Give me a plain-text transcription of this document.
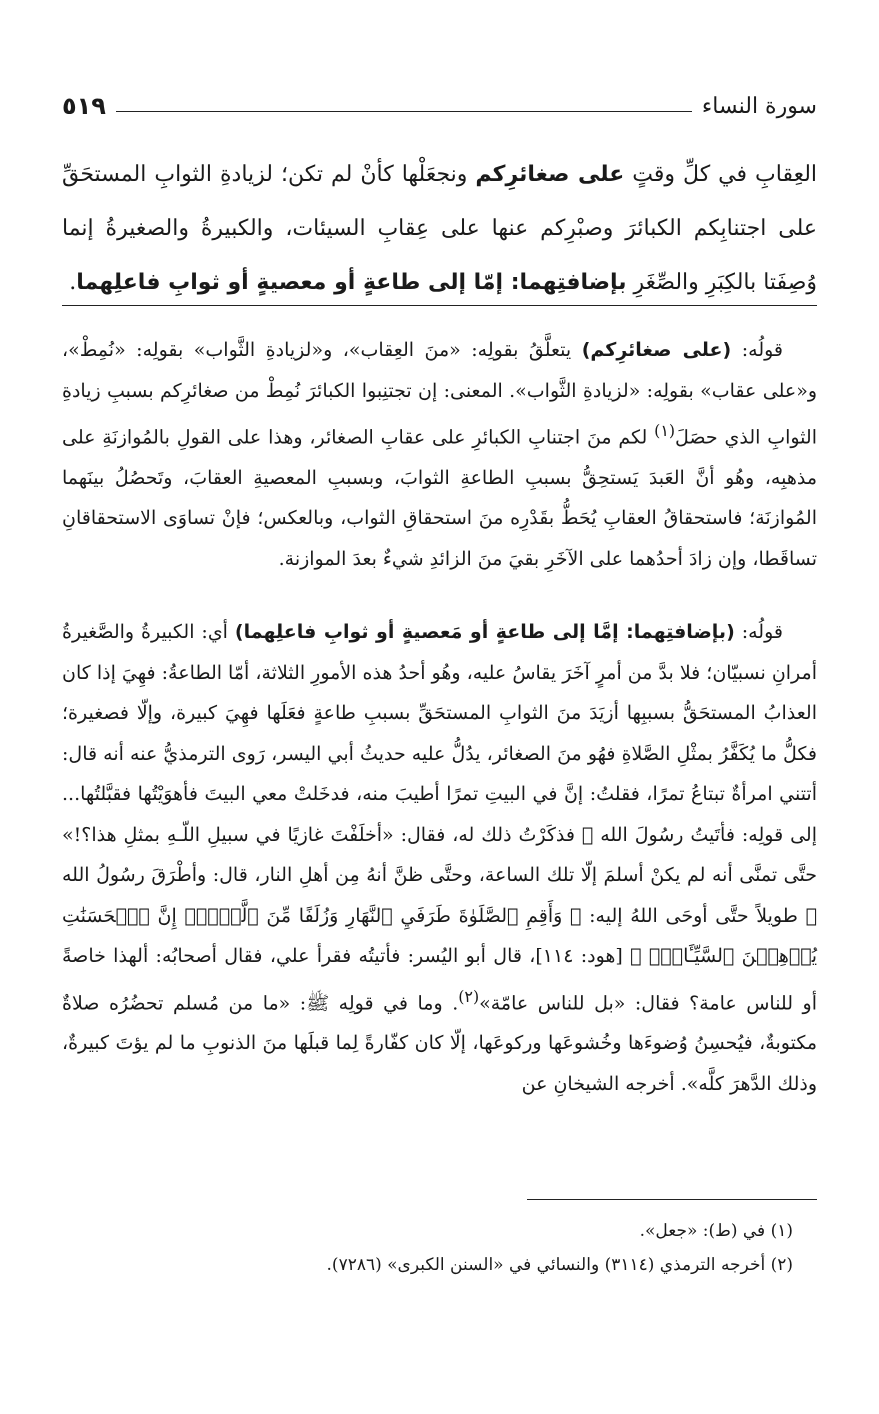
٥١٩	سورة النساء

العِقابِ في كلِّ وقتٍ على صغائرِكم ونجعَلْها كأنْ لم تكن؛ لزيادةِ الثوابِ المستحَقِّ على اجتنابِكم الكبائرَ وصبْرِكم عنها على عِقابِ السيئات، والكبيرةُ والصغيرةُ إنما وُصِفَتا بالكِبَرِ والصِّغَرِ بإضافتِهما: إمّا إلى طاعةٍ أو معصيةٍ أو ثوابِ فاعلِهما.

قولُه: (على صغائرِكم) يتعلَّقُ بقولِه: «منَ العِقاب»، و«لزيادةِ الثَّواب» بقولِه: «نُمِطْ»، و«على عقاب» بقولِه: «لزيادةِ الثَّواب». المعنى: إن تجتنِبوا الكبائرَ نُمِطْ من صغائرِكم بسببِ زيادةِ الثوابِ الذي حصَلَ$^{(١)}$ لكم منَ اجتنابِ الكبائرِ على عقابِ الصغائر، وهذا على القولِ بالمُوازنَةِ على مذهبِه، وهُو أنَّ العَبدَ يَستحِقُّ بسببِ الطاعةِ الثوابَ، وبسببِ المعصيةِ العقابَ، وتَحصُلُ بينَهما المُوازنَة؛ فاستحقاقُ العقابِ يُحَطُّ بقَدْرِه منَ استحقاقِ الثواب، وبالعكس؛ فإنْ تساوَى الاستحقاقانِ تساقَطا، وإن زادَ أحدُهما على الآخَرِ بقيَ منَ الزائدِ شيءٌ بعدَ الموازنة.

قولُه: (بإضافتِهما: إمَّا إلى طاعةٍ أو مَعصيةٍ أو ثوابِ فاعلِهما) أي: الكبيرةُ والصَّغيرةُ أمرانِ نسبيّان؛ فلا بدَّ من أمرٍ آخَرَ يقاسُ عليه، وهُو أحدُ هذه الأمورِ الثلاثة، أمّا الطاعةُ: فهِيَ إذا كان العذابُ المستحَقُّ بسببِها أزيَدَ منَ الثوابِ المستحَقِّ بسببِ طاعةٍ فعَلَها فهِيَ كبيرة، وإلّا فصغيرة؛ فكلُّ ما يُكَفَّرُ بمثْلِ الصَّلاةِ فهُو منَ الصغائر، يدُلُّ عليه حديثُ أبي اليسر، رَوى الترمذيُّ عنه أنه قال: أتتني امرأةٌ تبتاعُ تمرًا، فقلتُ: إنَّ في البيتِ تمرًا أطيبَ منه، فدخَلتْ معي البيتَ فأهوَيْتُها فقبَّلتُها... إلى قولِه: فأتَيتُ رسُولَ الله ﷺ فذكَرْتُ ذلك له، فقال: «أخلَفْتَ غازيًا في سبيلِ اللّـهِ بمثلِ هذا؟!» حتَّى تمنَّى أنه لم يكنْ أسلمَ إلّا تلك الساعة، وحتَّى ظنَّ أنهُ مِن أهلِ النار، قال: وأطْرَقَ رسُولُ الله ﷺ طويلاً حتَّى أوحَى اللهُ إليه: ﴿ وَأَقِمِ ٱلصَّلَوٰةَ طَرَفَيِ ٱلنَّهَارِ وَزُلَفًا مِّنَ ٱلَّيۡلِۚ إِنَّ ٱلۡحَسَنَٰتِ يُذۡهِبۡنَ ٱلسَّيِّـَٔاتِۚ ﴾ [هود: ١١٤]، قال أبو اليُسر: فأتيتُه فقرأ علي، فقال أصحابُه: ألهذا خاصةً أو للناس عامة؟ فقال: «بل للناس عامّة»$^{(٢)}$. وما في قولِه ﷺ: «ما من مُسلم تحضُرُه صلاةٌ مكتوبةٌ، فيُحسِنُ وُضوءَها وخُشوعَها وركوعَها، إلّا كان كفّارةً لِما قبلَها منَ الذنوبِ ما لم يؤتَ كبيرةٌ، وذلك الدَّهرَ كلَّه». أخرجه الشيخانِ عن

(١) في (ط): «جعل».

(٢) أخرجه الترمذي (٣١١٤) والنسائي في «السنن الكبرى» (٧٢٨٦).
